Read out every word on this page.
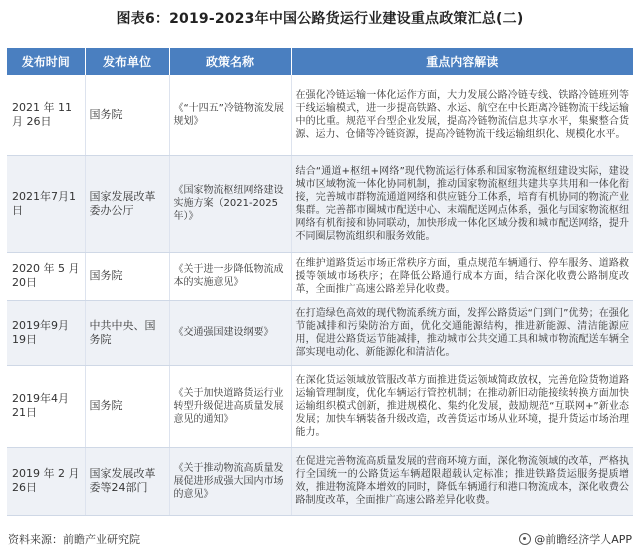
图表6：2019-2023年中国公路货运行业建设重点政策汇总(二)
发布时间	发布单位	政策名称	重点内容解读
2021 年 11 月 26日	国务院	《“十四五”冷链物流发展规划》	在强化冷链运输一体化运作方面，大力发展公路冷链专线、铁路冷链班列等干线运输模式，进一步提高铁路、水运、航空在中长距离冷链物流干线运输中的比重。规范平台型企业发展，提高冷链物流信息共享水平，集聚整合货源、运力、仓储等冷链资源，提高冷链物流干线运输组织化、规模化水平。
2021年7月1日	国家发展改革委办公厅	《国家物流枢纽网络建设实施方案（2021-2025年）》	结合“通道+枢纽+网络”现代物流运行体系和国家物流枢纽建设实际，建设城市区域物流一体化协同机制，推动国家物流枢纽共建共享共用和一体化衔接，完善城市群物流通道网络和供应链分工体系，培育有机协同的物流产业集群。完善都市圈城市配送中心、末端配送网点体系，强化与国家物流枢纽网络有机衔接和协同联动，加快形成一体化区域分拨和城市配送网络，提升不同圈层物流组织和服务效能。
2020 年 5 月 20日	国务院	《关于进一步降低物流成本的实施意见》	在维护道路货运市场正常秩序方面，重点规范车辆通行、停车服务、道路救援等领域市场秩序；在降低公路通行成本方面，结合深化收费公路制度改革，全面推广高速公路差异化收费。
2019年9月19日	中共中央、国务院	《交通强国建设纲要》	在打造绿色高效的现代物流系统方面，发挥公路货运“门到门”优势；在强化节能减排和污染防治方面，优化交通能源结构，推进新能源、清洁能源应用，促进公路货运节能减排，推动城市公共交通工具和城市物流配送车辆全部实现电动化、新能源化和清洁化。
2019年4月21日	国务院	《关于加快道路货运行业转型升级促进高质量发展意见的通知》	在深化货运领域放管服改革方面推进货运领域简政放权，完善危险货物道路运输管理制度，优化车辆运行管控机制；在推动新旧动能接续转换方面加快运输组织模式创新，推进规模化、集约化发展，鼓励规范“互联网+”新业态发展；加快车辆装备升级改造，改善货运市场从业环境，提升货运市场治理能力。
2019 年 2 月 26日	国家发展改革委等24部门	《关于推动物流高质量发展促进形成强大国内市场的意见》	在促进完善物流高质量发展的营商环境方面，深化物流领域的改革，严格执行全国统一的公路货运车辆超限超载认定标准；推进铁路货运服务提质增效，推进物流降本增效的同时，降低车辆通行和港口物流成本，深化收费公路制度改革，全面推广高速公路差异化收费。
资料来源：前瞻产业研究院	@前瞻经济学人APP
